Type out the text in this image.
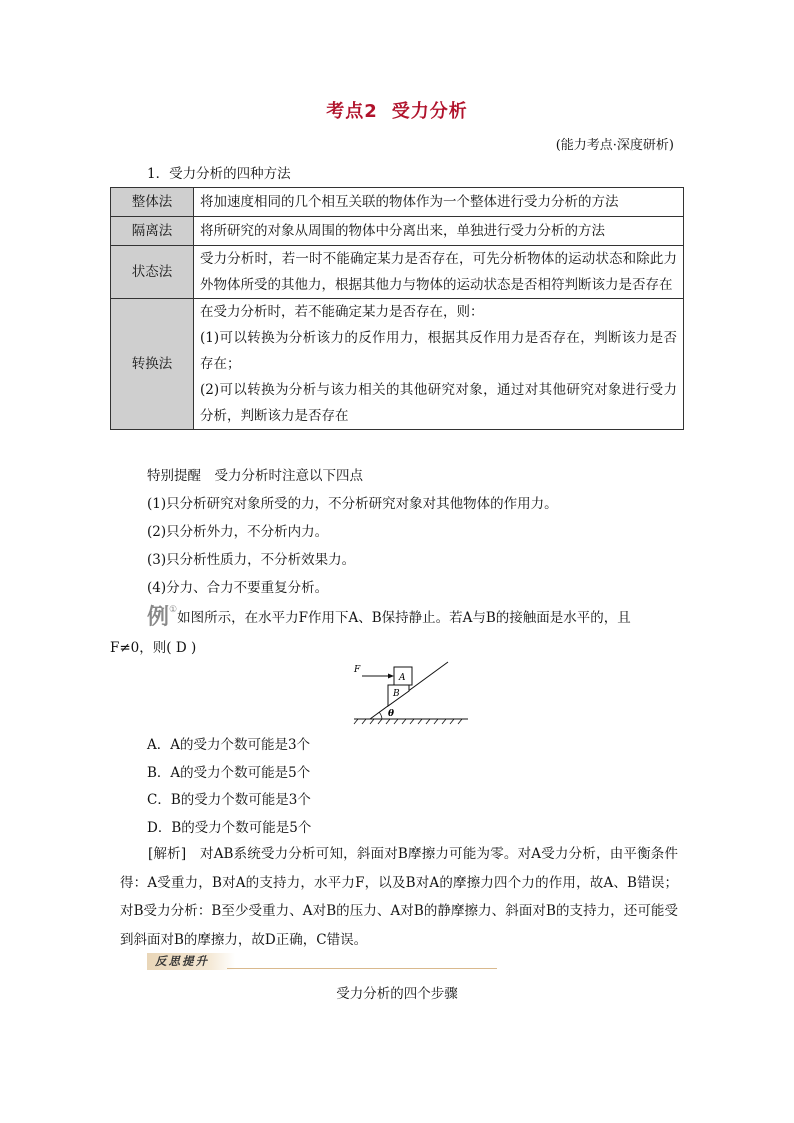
考点2 受力分析
(能力考点·深度研析)
1．受力分析的四种方法
整体法	将加速度相同的几个相互关联的物体作为一个整体进行受力分析的方法
隔离法	将所研究的对象从周围的物体中分离出来，单独进行受力分析的方法
状态法	受力分析时，若一时不能确定某力是否存在，可先分析物体的运动状态和除此力外物体所受的其他力，根据其他力与物体的运动状态是否相符判断该力是否存在
转换法	在受力分析时，若不能确定某力是否存在，则：
(1)可以转换为分析该力的反作用力，根据其反作用力是否存在，判断该力是否存在；
(2)可以转换为分析与该力相关的其他研究对象，通过对其他研究对象进行受力分析，判断该力是否存在
特别提醒　受力分析时注意以下四点
(1)只分析研究对象所受的力，不分析研究对象对其他物体的作用力。
(2)只分析外力，不分析内力。
(3)只分析性质力，不分析效果力。
(4)分力、合力不要重复分析。
例①如图所示，在水平力F作用下A、B保持静止。若A与B的接触面是水平的，且
F≠0，则( D )
F
A
B
θ
A．A的受力个数可能是3个
B．A的受力个数可能是5个
C．B的受力个数可能是3个
D．B的受力个数可能是5个
[解析]　对AB系统受力分析可知，斜面对B摩擦力可能为零。对A受力分析，由平衡条件得：A受重力，B对A的支持力，水平力F，以及B对A的摩擦力四个力的作用，故A、B错误；对B受力分析：B至少受重力、A对B的压力、A对B的静摩擦力、斜面对B的支持力，还可能受到斜面对B的摩擦力，故D正确，C错误。
反思提升
受力分析的四个步骤
